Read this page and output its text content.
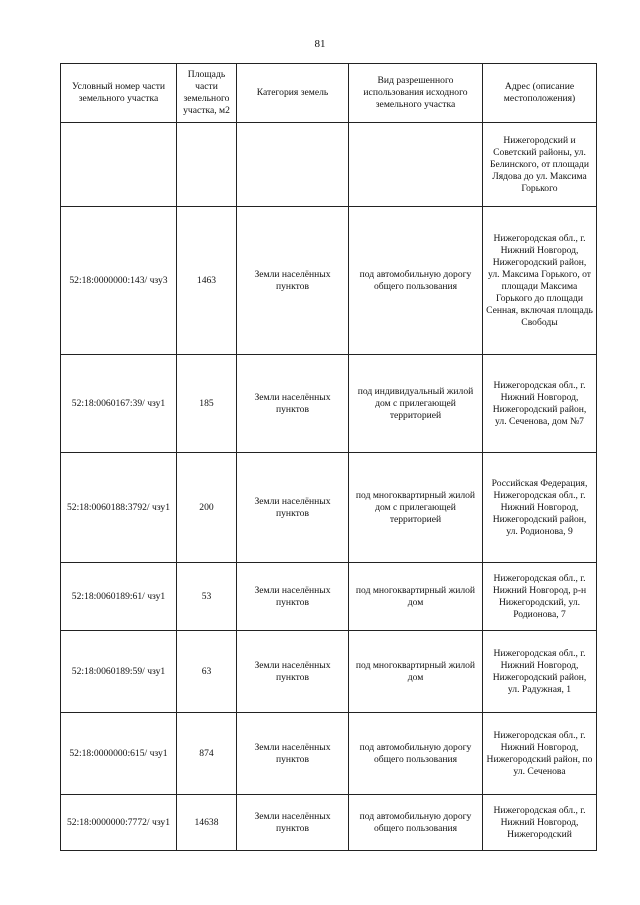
81
Условный номер части земельного участка	Площадь части земельного участка, м2	Категория земель	Вид разрешенного использования исходного земельного участка	Адрес (описание местоположения)
				Нижегородский и Советский районы, ул. Белинского, от площади Лядова до ул. Максима Горького
52:18:0000000:143/ чзу3	1463	Земли населённых пунктов	под автомобильную дорогу общего пользования	Нижегородская обл., г. Нижний Новгород, Нижегородский район, ул. Максима Горького, от площади Максима Горького до площади Сенная, включая площадь Свободы
52:18:0060167:39/ чзу1	185	Земли населённых пунктов	под индивидуальный жилой дом с прилегающей территорией	Нижегородская обл., г. Нижний Новгород, Нижегородский район, ул. Сеченова, дом №7
52:18:0060188:3792/ чзу1	200	Земли населённых пунктов	под многоквартирный жилой дом с прилегающей территорией	Российская Федерация, Нижегородская обл., г. Нижний Новгород, Нижегородский район, ул. Родионова, 9
52:18:0060189:61/ чзу1	53	Земли населённых пунктов	под многоквартирный жилой дом	Нижегородская обл., г. Нижний Новгород, р-н Нижегородский, ул. Родионова, 7
52:18:0060189:59/ чзу1	63	Земли населённых пунктов	под многоквартирный жилой дом	Нижегородская обл., г. Нижний Новгород, Нижегородский район, ул. Радужная, 1
52:18:0000000:615/ чзу1	874	Земли населённых пунктов	под автомобильную дорогу общего пользования	Нижегородская обл., г. Нижний Новгород, Нижегородский район, по ул. Сеченова
52:18:0000000:7772/ чзу1	14638	Земли населённых пунктов	под автомобильную дорогу общего пользования	Нижегородская обл., г. Нижний Новгород, Нижегородский
